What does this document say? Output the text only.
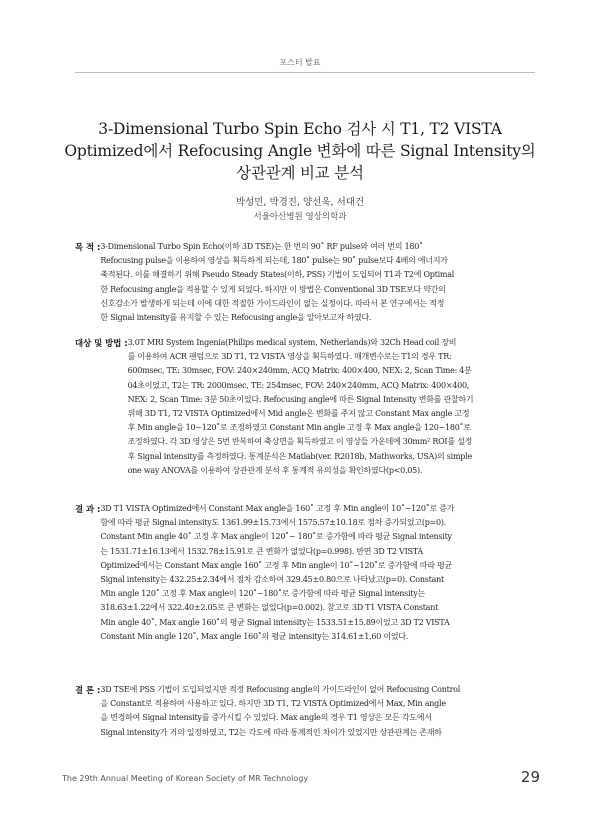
포스터 발표
3-Dimensional Turbo Spin Echo 검사 시 T1, T2 VISTA
Optimized에서 Refocusing Angle 변화에 따른 Signal Intensity의
상관관계 비교 분석
박성민, 박경진, 양선욱, 서대건
서울아산병원 영상의학과
목 적 : 3-Dimensional Turbo Spin Echo(이하 3D TSE)는 한 번의 90˚ RF pulse와 여러 번의 180˚
Refocusing pulse을 이용하여 영상을 획득하게 되는데, 180˚ pulse는 90˚ pulse보다 4배의 에너지가
축적된다. 이를 해결하기 위해 Pseudo Steady States(이하, PSS) 기법이 도입되어 T1과 T2에 Optimal
한 Refocusing angle을 적용할 수 있게 되었다. 하지만 이 방법은 Conventional 3D TSE보다 약간의
신호감소가 발생하게 되는데 이에 대한 적절한 가이드라인이 없는 실정이다. 따라서 본 연구에서는 적정
한 Signal intensity를 유지할 수 있는 Refocusing angle을 알아보고자 하였다.
대상 및 방법 : 3.0T MRI System Ingenia(Philips medical system, Netherlands)와 32Ch Head coil 장비
를 이용하여 ACR 팬텀으로 3D T1, T2 VISTA 영상을 획득하였다. 매개변수로는 T1의 경우 TR:
600msec, TE: 30msec, FOV: 240×240mm, ACQ Matrix: 400×400, NEX: 2, Scan Time: 4분
04초이었고, T2는 TR: 2000msec, TE: 254msec, FOV: 240×240mm, ACQ Matrix: 400×400,
NEX: 2, Scan Time: 3분 50초이었다. Refocusing angle에 따른 Signal Intensity 변화를 관찰하기
위해 3D T1, T2 VISTA Optimized에서 Mid angle은 변화를 주지 않고 Constant Max angle 고정
후 Min angle을 10~120˚로 조정하였고 Constant Min angle 고정 후 Max angle을 120~180˚로
조정하였다. 각 3D 영상은 5번 반복하여 축상면을 획득하였고 이 영상들 가운데에 30mm² ROI를 설정
후 Signal intensity를 측정하였다. 통계분석은 Matlab(ver. R2018b, Mathworks, USA)의 simple
one way ANOVA를 이용하여 상관관계 분석 후 통계적 유의성을 확인하였다(p<0.05).
결 과 : 3D T1 VISTA Optimized에서 Constant Max angle을 160˚ 고정 후 Min angle이 10˚~120˚로 증가
함에 따라 평균 Signal intensity도 1361.99±15.73에서 1575.57±10.18로 점차 증가되었고(p=0).
Constant Min angle 40˚ 고정 후 Max angle이 120˚~ 180˚로 증가함에 따라 평균 Signal intensity
는 1531.71±16.13에서 1532.78±15.91로 큰 변화가 없었다(p=0.998). 반면 3D T2 VISTA
Optimized에서는 Constant Max angle 160˚ 고정 후 Min angle이 10˚~120˚로 증가함에 따라 평균
Signal intensity는 432.25±2.34에서 점차 감소하여 329.45±0.80으로 나타났고(p=0). Constant
Min angle 120˚ 고정 후 Max angle이 120˚~180˚로 증가함에 따라 평균 Signal intensity는
318.63±1.22에서 322.40±2.05로 큰 변화는 없었다(p=0.002). 참고로 3D T1 VISTA Constant
Min angle 40˚, Max angle 160˚의 평균 Signal intensity는 1533.51±15.89이었고 3D T2 VISTA
Constant Min angle 120˚, Max angle 160˚의 평균 intensity는 314.61±1.60 이었다.
결 론 : 3D TSE에 PSS 기법이 도입되었지만 적정 Refocusing angle의 가이드라인이 없어 Refocusing Control
을 Constant로 적용하여 사용하고 있다. 하지만 3D T1, T2 VISTA Optimized에서 Max, Min angle
을 변경하여 Signal intensity를 증가시킬 수 있었다. Max angle의 경우 T1 영상은 모든 각도에서
Signal intensity가 거의 일정하였고, T2는 각도에 따라 통계적인 차이가 있었지만 상관관계는 존재하
The 29th Annual Meeting of Korean Society of MR Technology	29
